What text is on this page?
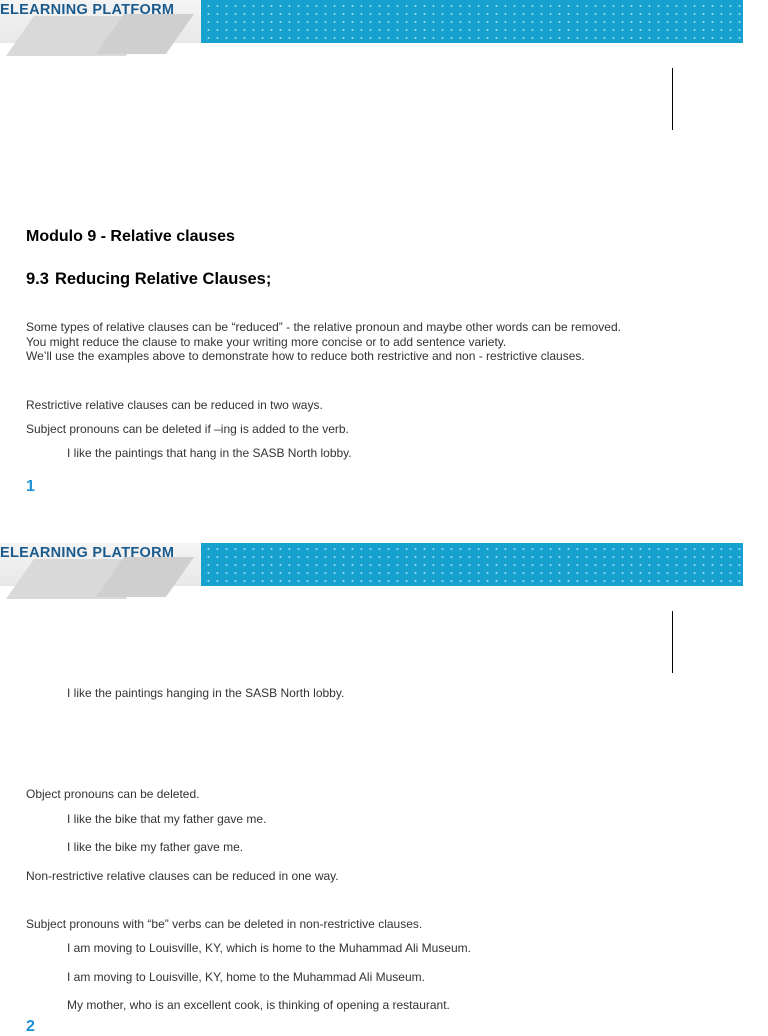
ELEARNING PLATFORM
Modulo 9 - Relative clauses
9.3 Reducing Relative Clauses;
Some types of relative clauses can be “reduced” - the relative pronoun and maybe other words can be removed.
You might reduce the clause to make your writing more concise or to add sentence variety.
We’ll use the examples above to demonstrate how to reduce both restrictive and non - restrictive clauses.
Restrictive relative clauses can be reduced in two ways.
Subject pronouns can be deleted if –ing is added to the verb.
I like the paintings that hang in the SASB North lobby.
1
ELEARNING PLATFORM
I like the paintings hanging in the SASB North lobby.
Object pronouns can be deleted.
I like the bike that my father gave me.
I like the bike my father gave me.
Non-restrictive relative clauses can be reduced in one way.
Subject pronouns with “be” verbs can be deleted in non-restrictive clauses.
I am moving to Louisville, KY, which is home to the Muhammad Ali Museum.
I am moving to Louisville, KY, home to the Muhammad Ali Museum.
My mother, who is an excellent cook, is thinking of opening a restaurant.
2
